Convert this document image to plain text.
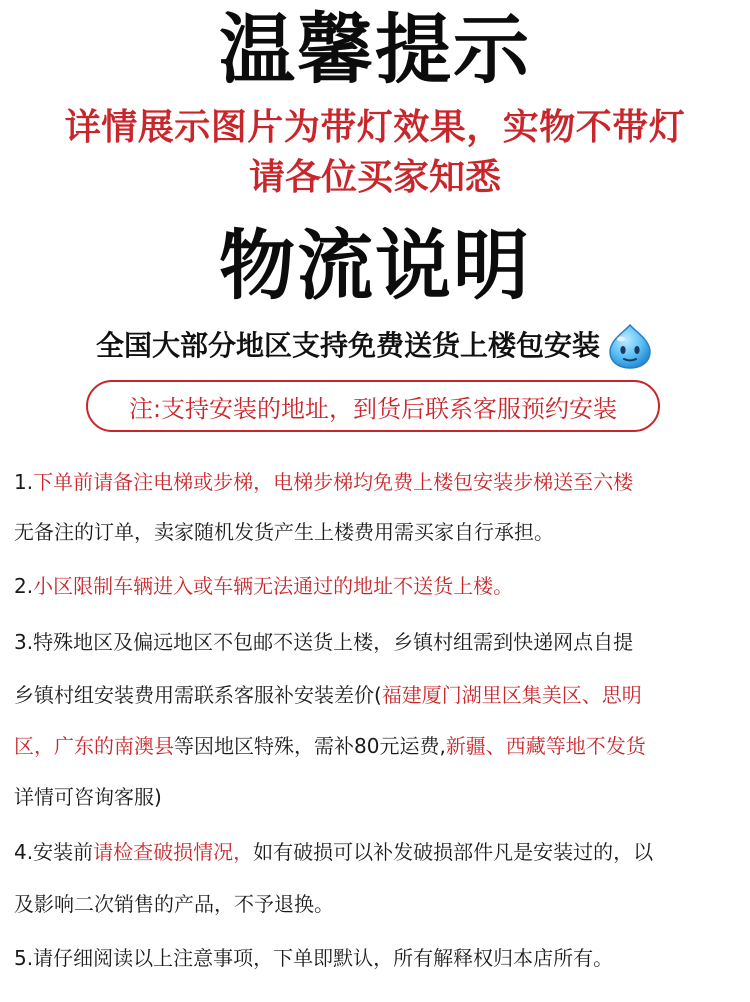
温馨提示

详情展示图片为带灯效果，实物不带灯

请各位买家知悉

物流说明
全国大部分地区支持免费送货上楼包安装
注:支持安装的地址，到货后联系客服预约安装
1.下单前请备注电梯或步梯，电梯步梯均免费上楼包安装步梯送至六楼
无备注的订单，卖家随机发货产生上楼费用需买家自行承担。
2.小区限制车辆进入或车辆无法通过的地址不送货上楼。
3.特殊地区及偏远地区不包邮不送货上楼，乡镇村组需到快递网点自提
乡镇村组安装费用需联系客服补安装差价(福建厦门湖里区集美区、思明
区，广东的南澳县等因地区特殊，需补80元运费,新疆、西藏等地不发货
详情可咨询客服)
4.安装前请检查破损情况，如有破损可以补发破损部件凡是安装过的，以
及影响二次销售的产品，不予退换。
5.请仔细阅读以上注意事项，下单即默认，所有解释权归本店所有。
